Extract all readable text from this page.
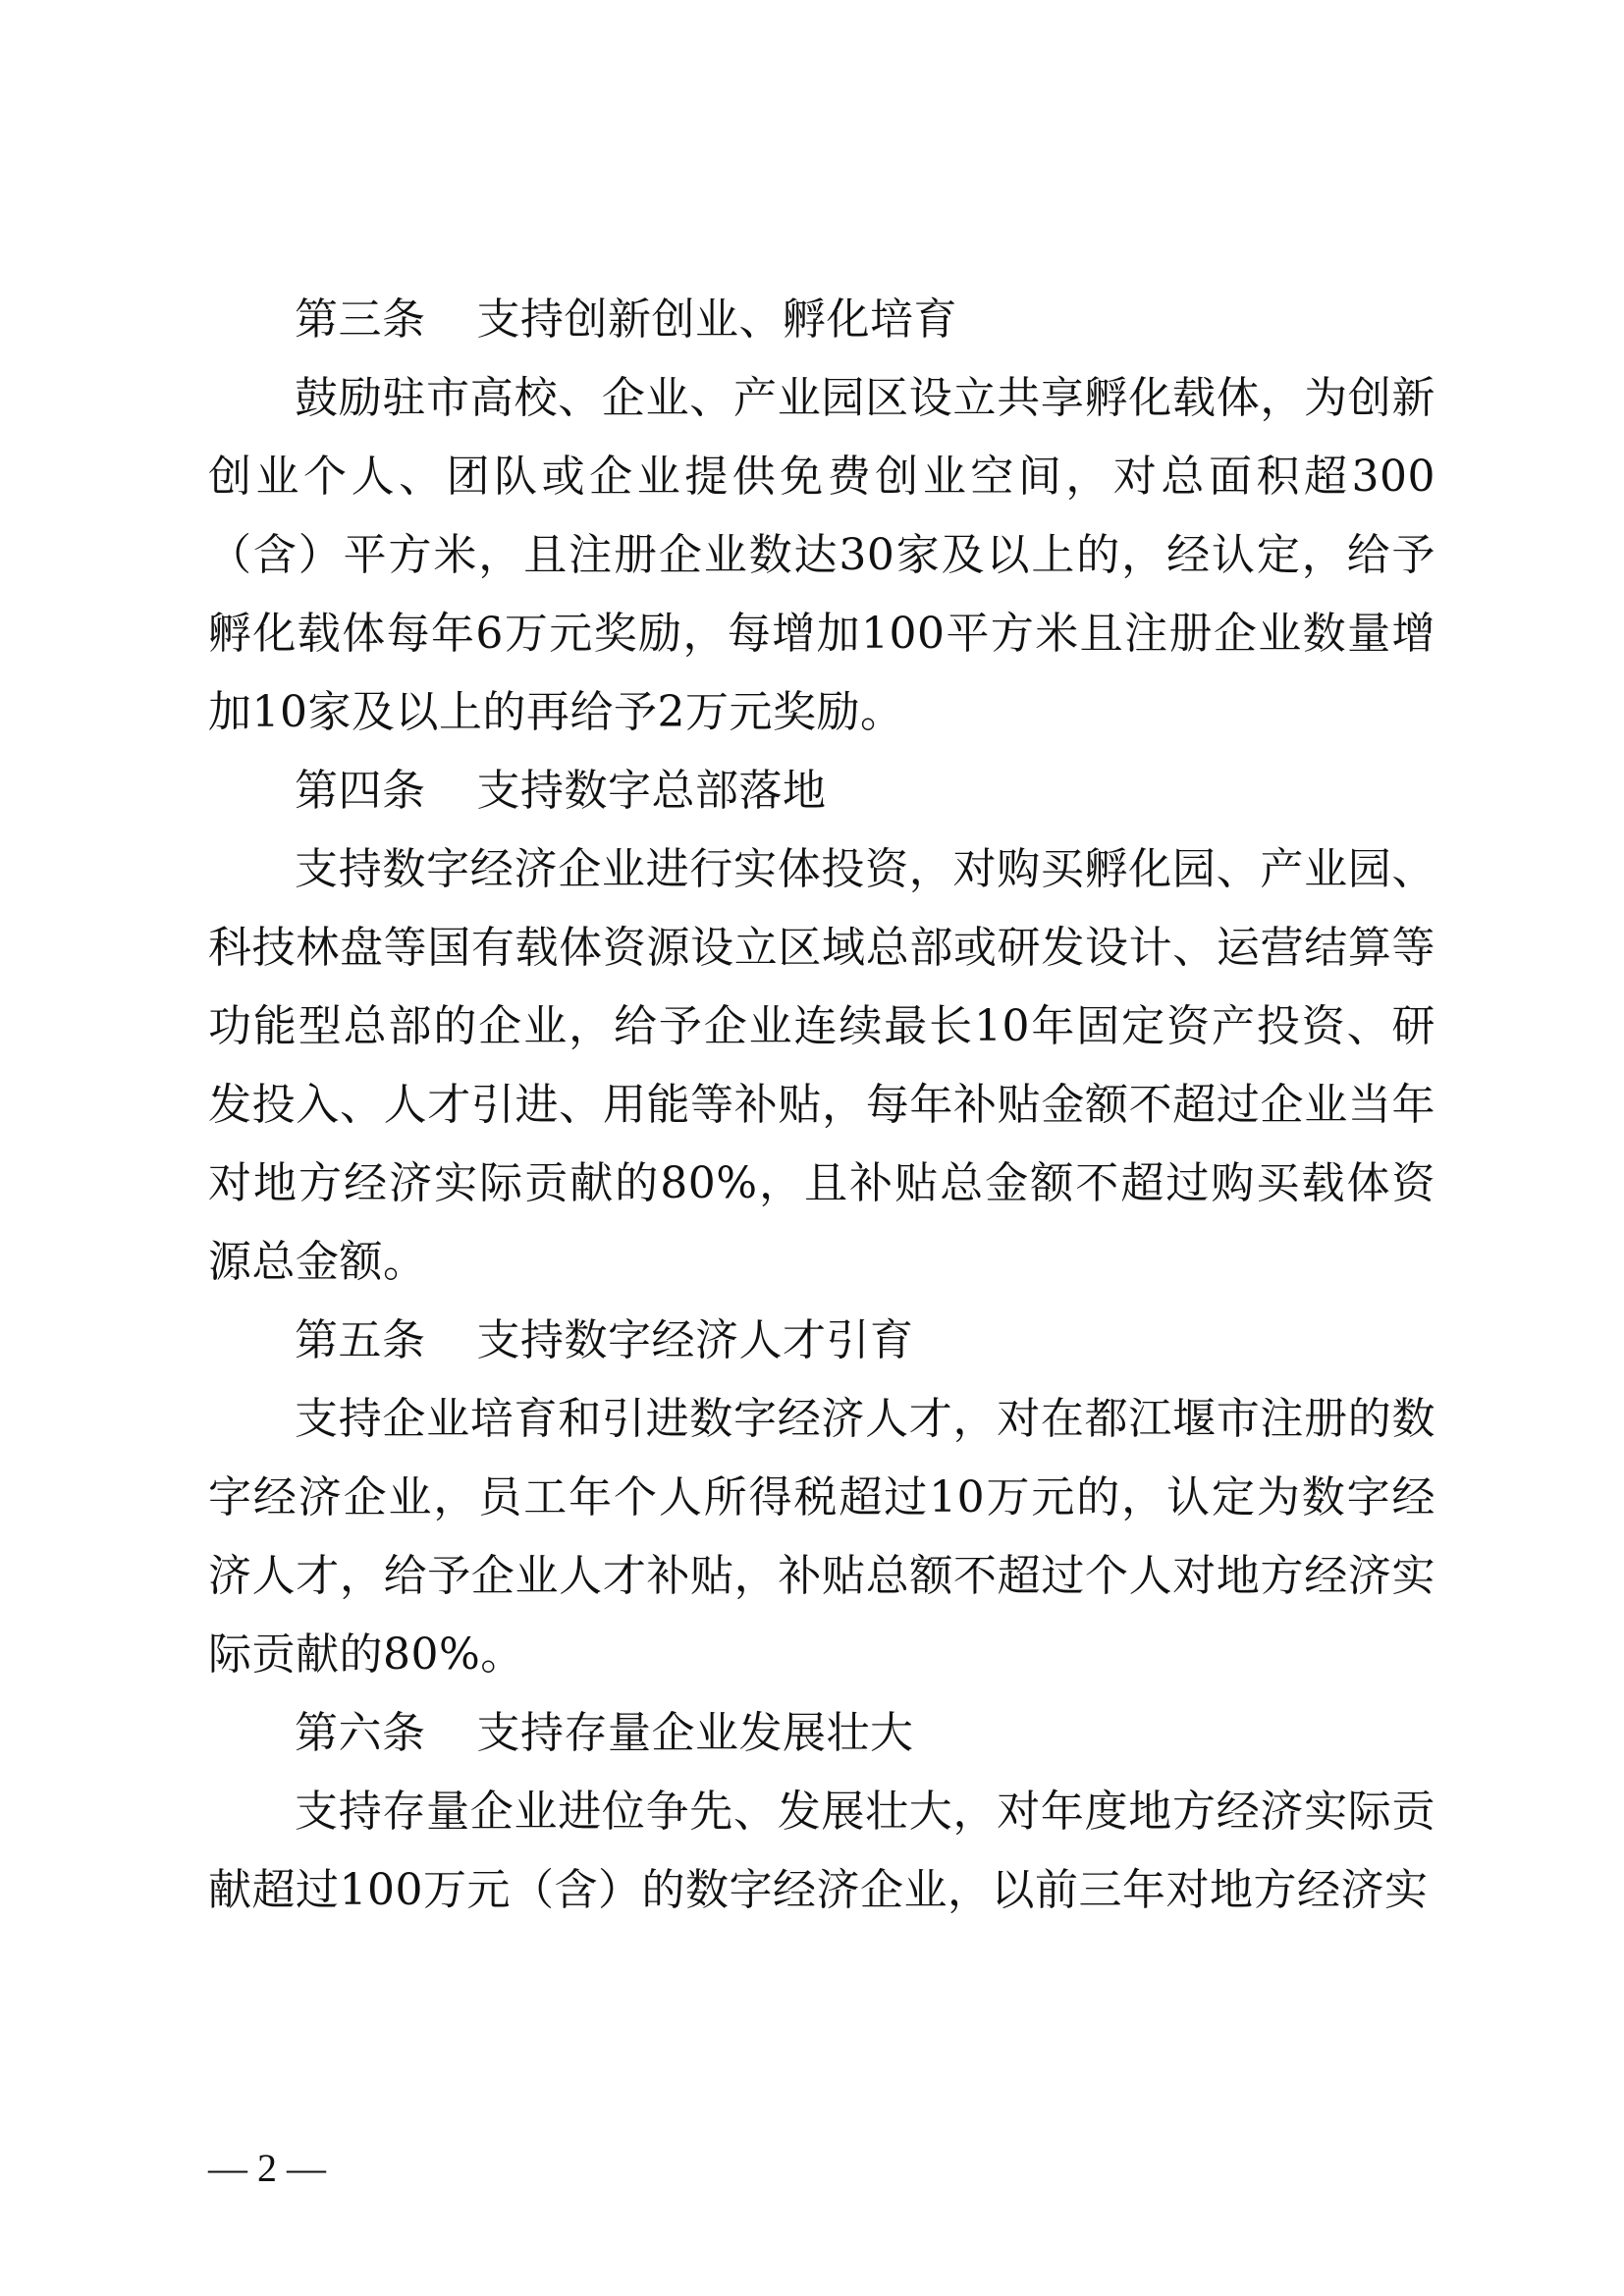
第三条 支持创新创业、孵化培育

鼓励驻市高校、企业、产业园区设立共享孵化载体，为创新创业个人、团队或企业提供免费创业空间，对总面积超300（含）平方米，且注册企业数达30家及以上的，经认定，给予孵化载体每年6万元奖励，每增加100平方米且注册企业数量增加10家及以上的再给予2万元奖励。

第四条 支持数字总部落地

支持数字经济企业进行实体投资，对购买孵化园、产业园、科技林盘等国有载体资源设立区域总部或研发设计、运营结算等功能型总部的企业，给予企业连续最长10年固定资产投资、研发投入、人才引进、用能等补贴，每年补贴金额不超过企业当年对地方经济实际贡献的80%，且补贴总金额不超过购买载体资源总金额。

第五条 支持数字经济人才引育

支持企业培育和引进数字经济人才，对在都江堰市注册的数字经济企业，员工年个人所得税超过10万元的，认定为数字经济人才，给予企业人才补贴，补贴总额不超过个人对地方经济实际贡献的80%。

第六条 支持存量企业发展壮大

支持存量企业进位争先、发展壮大，对年度地方经济实际贡献超过100万元（含）的数字经济企业，以前三年对地方经济实

— 2 —
